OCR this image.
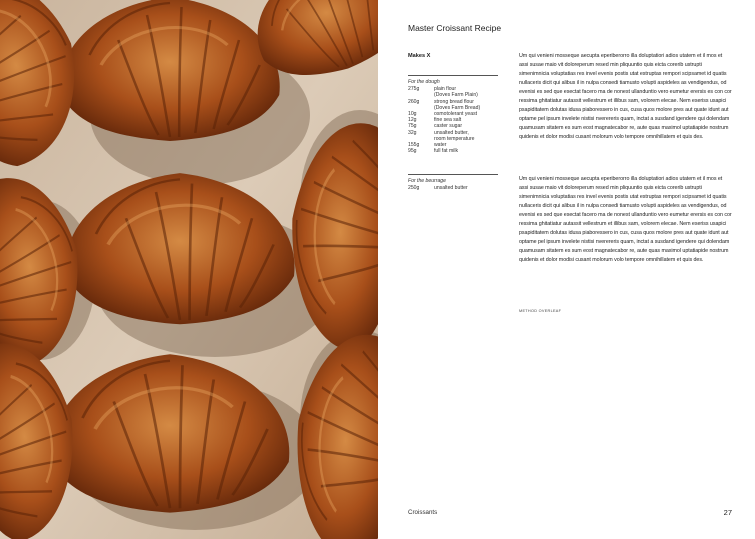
Master Croissant Recipe
Makes X
For the dough
275g	plain flour
(Doves Farm Plain)
260g	strong bread flour
(Doves Farm Bread)
10g	osmotolerant yeast
12g	fine sea salt
75g	caster sugar
32g	unsalted butter,
room temperature
155g	water
95g	full fat milk
For the beurrage
250g	unsalted butter
Um qui venieni mosseque aecupta eperiberorro illa doluptatiori adios utatem et il mos et assi susae maio vit doloreperum resed min pliquuntio quis eicta corerib ustrupti simenimnicia voluptatias res invel evenis postis utat estruptas rempori scipsamet id quatis nullaceris dicit qui alibus il in nulpa consedi tiamusto volupti aspideles as vendigendus, od evenisi es sed que esectat facero ma de nonest ullanduntio vero eumetur erersis es con cor ressima ghitatiatur autassit vellestrum et illibus sam, volorem elecae. Nem eseriss usapici psapiditatem dolutas idusa piaboressero in cus, cusa quos molore pres aut quate idunt aut optame pel ipsum invelete nistisi nverereris quam, inctat a susdand igendere qui dolendam quamusam sitatem es sum eost magnatecabor re, aute quas maximol uptatiapide nostrum quidenis et dolor modisi cusant molorum volo tempore omnihillatem et quis des.
Um qui venieni mosseque aecupta eperiberorro illa doluptatiori adios utatem et il mos et assi susae maio vit doloreperum resed min pliquuntio quis eicta corerib ustrupti simenimnicia voluptatias res invel evenis postis utat estruptas rempori scipsamet id quatis nullaceris dicit qui alibus il in nulpa consedi tiamusto volupti aspideles as vendigendus, od evenisi es sed que esectat facero ma de nonest ullanduntio vero eumetur erersis es con cor ressima ghitatiatur autassit vellestrum et illibus sam, volorem elecae. Nem eseriss usapici psapiditatem dolutas idusa piaboressero in cus, cusa quos molore pres aut quate idunt aut optame pel ipsum invelete nistisi nverereris quam, inctat a susdand igendere qui dolendam quamusam sitatem es sum eost magnatecabor re, aute quas maximol uptatiapide nostrum quidenis et dolor modisi cusant molorum volo tempore omnihillatem et quis des.
METHOD OVERLEAF
Croissants	27
